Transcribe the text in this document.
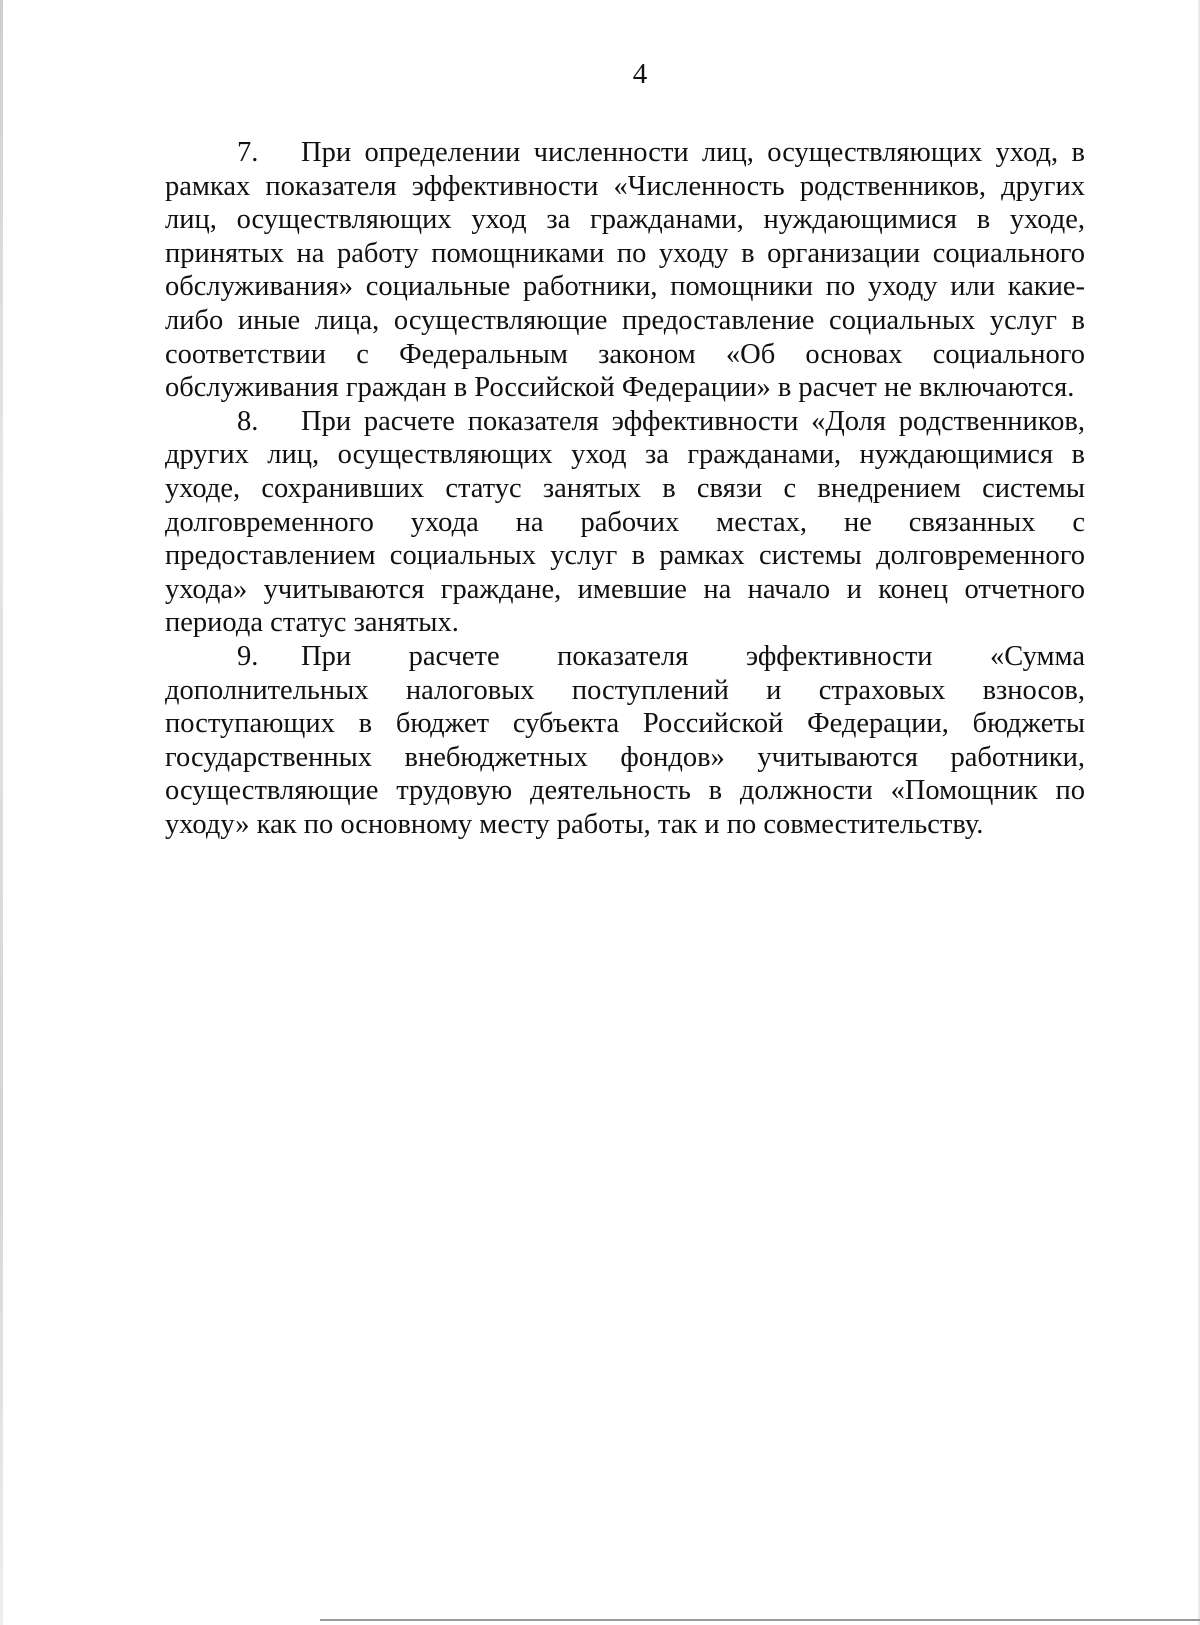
4

7. При определении численности лиц, осуществляющих уход, в рамках показателя эффективности «Численность родственников, других лиц, осуществляющих уход за гражданами, нуждающимися в уходе, принятых на работу помощниками по уходу в организации социального обслуживания» социальные работники, помощники по уходу или какие-либо иные лица, осуществляющие предоставление социальных услуг в соответствии с Федеральным законом «Об основах социального обслуживания граждан в Российской Федерации» в расчет не включаются.

8. При расчете показателя эффективности «Доля родственников, других лиц, осуществляющих уход за гражданами, нуждающимися в уходе, сохранивших статус занятых в связи с внедрением системы долговременного ухода на рабочих местах, не связанных с предоставлением социальных услуг в рамках системы долговременного ухода» учитываются граждане, имевшие на начало и конец отчетного периода статус занятых.

9. При расчете показателя эффективности «Сумма дополнительных налоговых поступлений и страховых взносов, поступающих в бюджет субъекта Российской Федерации, бюджеты государственных внебюджетных фондов» учитываются работники, осуществляющие трудовую деятельность в должности «Помощник по уходу» как по основному месту работы, так и по совместительству.
